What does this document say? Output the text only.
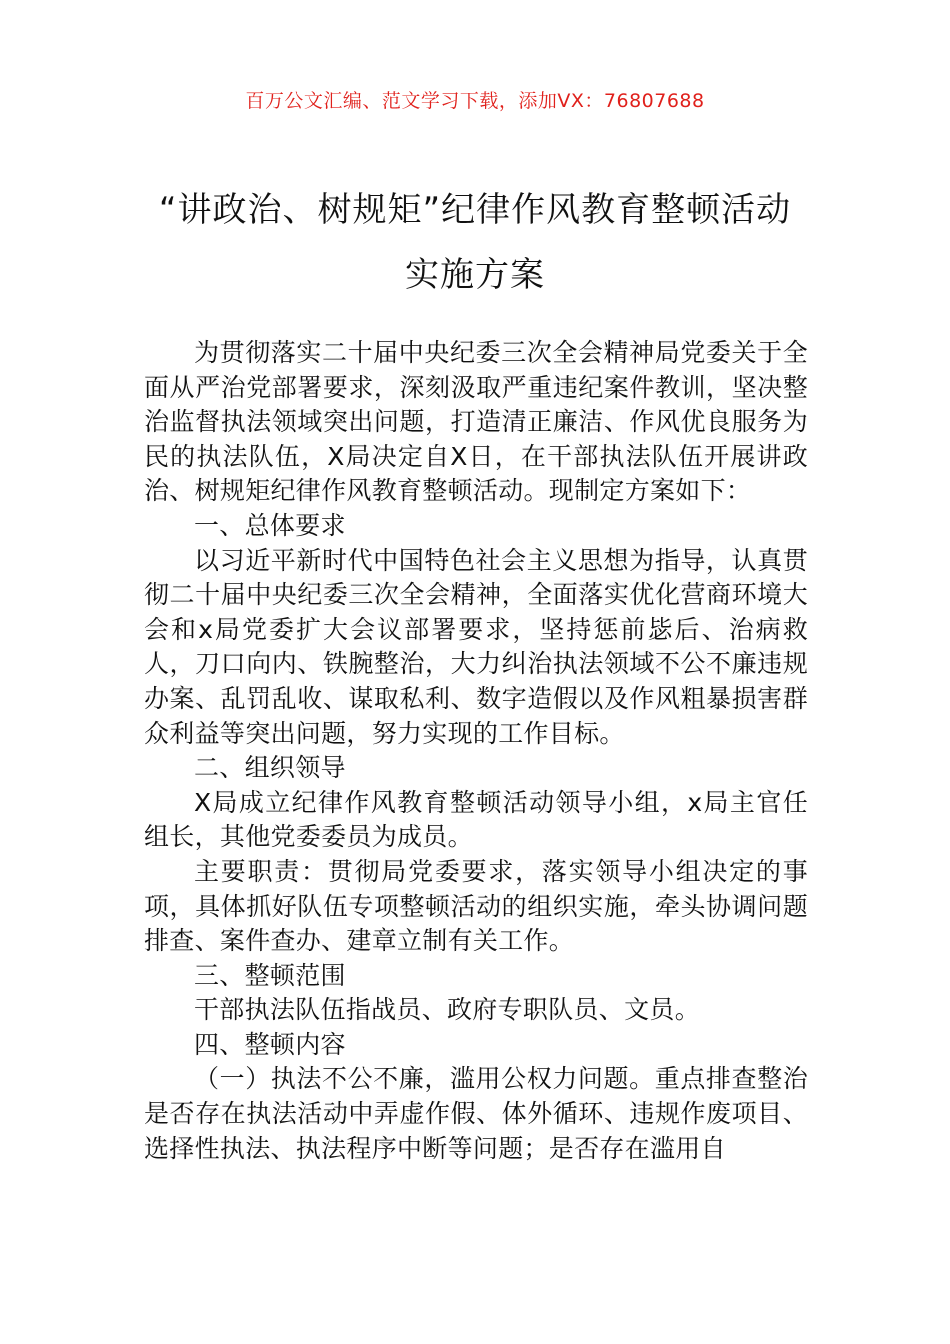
百万公文汇编、范文学习下载，添加VX：76807688
“讲政治、树规矩”纪律作风教育整顿活动
实施方案

为贯彻落实二十届中央纪委三次全会精神局党委关于全面从严治党部署要求，深刻汲取严重违纪案件教训，坚决整治监督执法领域突出问题，打造清正廉洁、作风优良服务为民的执法队伍，X局决定自X日，在干部执法队伍开展讲政治、树规矩纪律作风教育整顿活动。现制定方案如下：

一、总体要求

以习近平新时代中国特色社会主义思想为指导，认真贯彻二十届中央纪委三次全会精神，全面落实优化营商环境大会和x局党委扩大会议部署要求，坚持惩前毖后、治病救人，刀口向内、铁腕整治，大力纠治执法领域不公不廉违规办案、乱罚乱收、谋取私利、数字造假以及作风粗暴损害群众利益等突出问题，努力实现的工作目标。

二、组织领导

X局成立纪律作风教育整顿活动领导小组，x局主官任组长，其他党委委员为成员。

主要职责：贯彻局党委要求，落实领导小组决定的事项，具体抓好队伍专项整顿活动的组织实施，牵头协调问题排查、案件查办、建章立制有关工作。

三、整顿范围

干部执法队伍指战员、政府专职队员、文员。

四、整顿内容

（一）执法不公不廉，滥用公权力问题。重点排查整治是否存在执法活动中弄虚作假、体外循环、违规作废项目、选择性执法、执法程序中断等问题；是否存在滥用自
